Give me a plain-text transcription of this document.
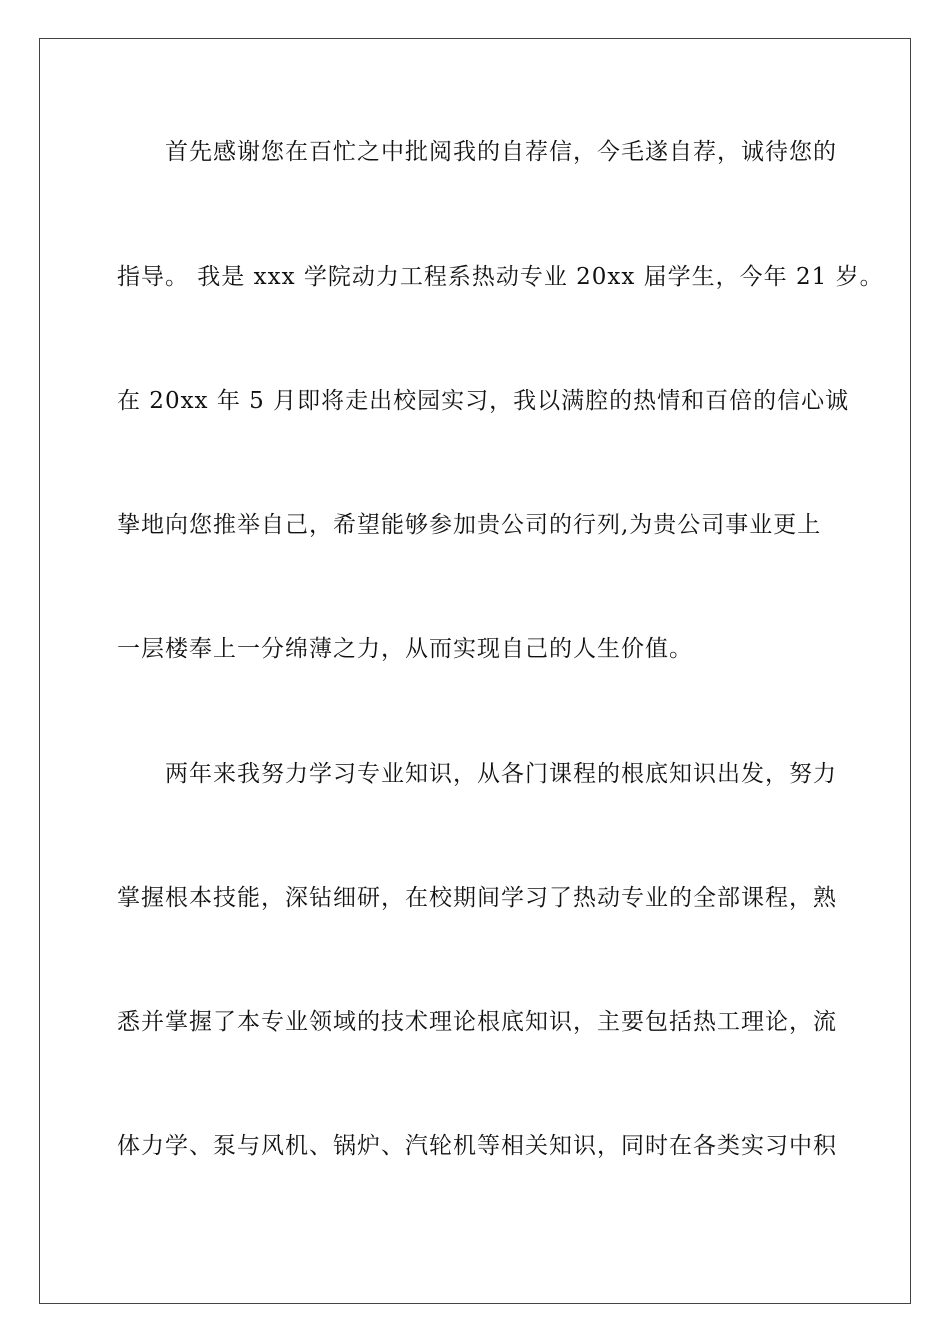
首先感谢您在百忙之中批阅我的自荐信，今毛遂自荐，诚待您的
指导。 我是 xxx 学院动力工程系热动专业 20xx 届学生，今年 21 岁。
在 20xx 年 5 月即将走出校园实习，我以满腔的热情和百倍的信心诚
挚地向您推举自己，希望能够参加贵公司的行列,为贵公司事业更上
一层楼奉上一分绵薄之力，从而实现自己的人生价值。
两年来我努力学习专业知识，从各门课程的根底知识出发，努力
掌握根本技能，深钻细研，在校期间学习了热动专业的全部课程，熟
悉并掌握了本专业领域的技术理论根底知识，主要包括热工理论，流
体力学、泵与风机、锅炉、汽轮机等相关知识，同时在各类实习中积
